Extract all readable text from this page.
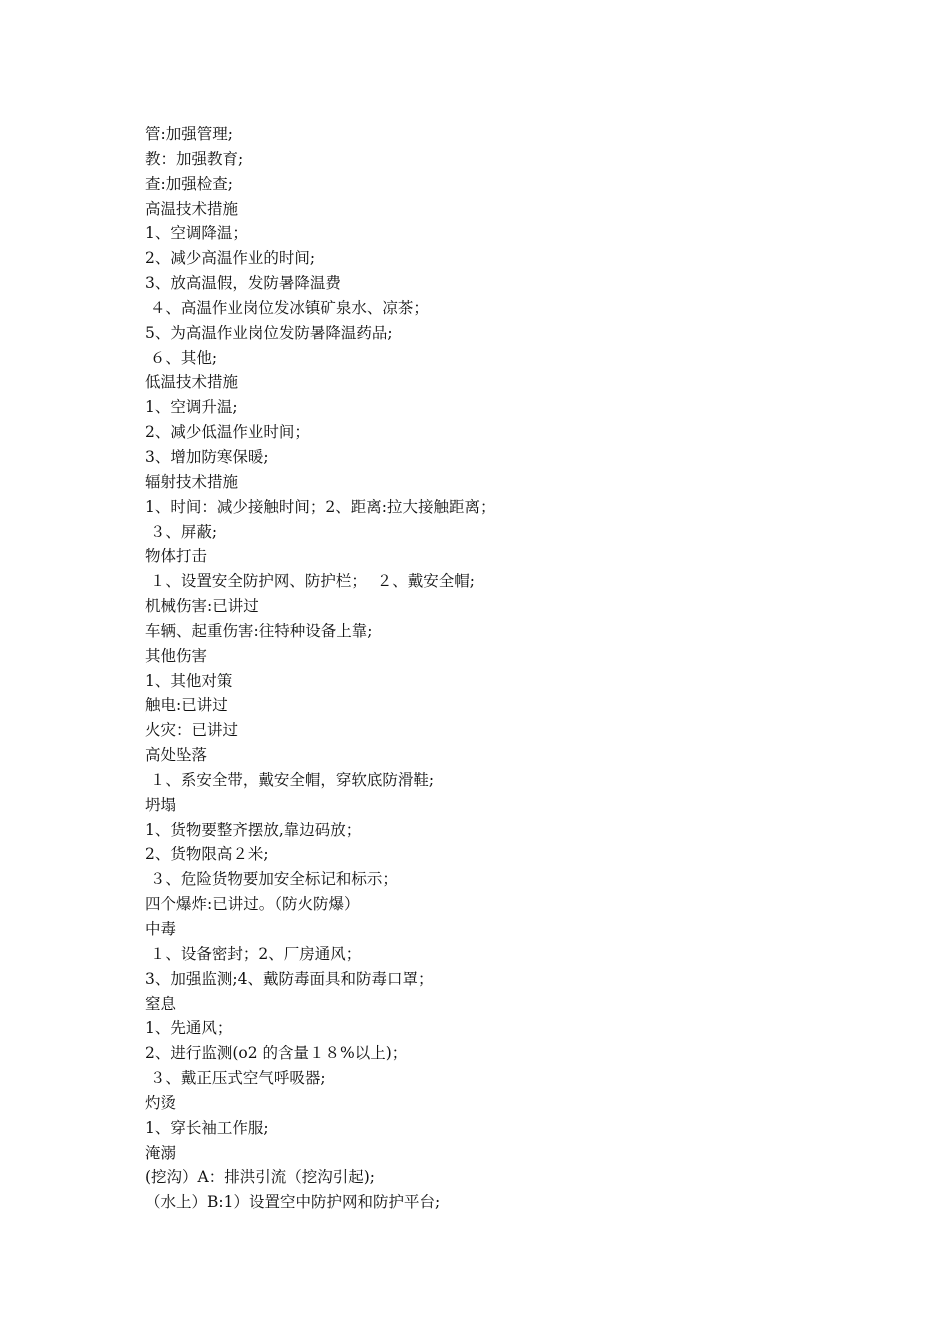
管:加强管理;
教：加强教育;
查:加强检查;
高温技术措施
1、空调降温；
2、减少高温作业的时间;
3、放高温假，发防暑降温费
４、高温作业岗位发冰镇矿泉水、凉茶；
5、为高温作业岗位发防暑降温药品;
６、其他;
低温技术措施
1、空调升温;
2、减少低温作业时间；
3、增加防寒保暖;
辐射技术措施
1、时间：减少接触时间；2、距离:拉大接触距离；
３、屏蔽;
物体打击
１、设置安全防护网、防护栏；  ２、戴安全帽;
机械伤害:已讲过
车辆、起重伤害:往特种设备上靠;
其他伤害
1、其他对策
触电:已讲过
火灾：已讲过
高处坠落
１、系安全带，戴安全帽，穿软底防滑鞋;
坍塌
1、货物要整齐摆放,靠边码放；
2、货物限高２米;
３、危险货物要加安全标记和标示；
四个爆炸:已讲过。（防火防爆）
中毒
１、设备密封；2、厂房通风；
3、加强监测;4、戴防毒面具和防毒口罩；
窒息
1、先通风；
2、进行监测(o2 的含量１８%以上)；
３、戴正压式空气呼吸器;
灼烫
1、穿长袖工作服;
淹溺
(挖沟）A：排洪引流（挖沟引起);
（水上）B:1）设置空中防护网和防护平台;
